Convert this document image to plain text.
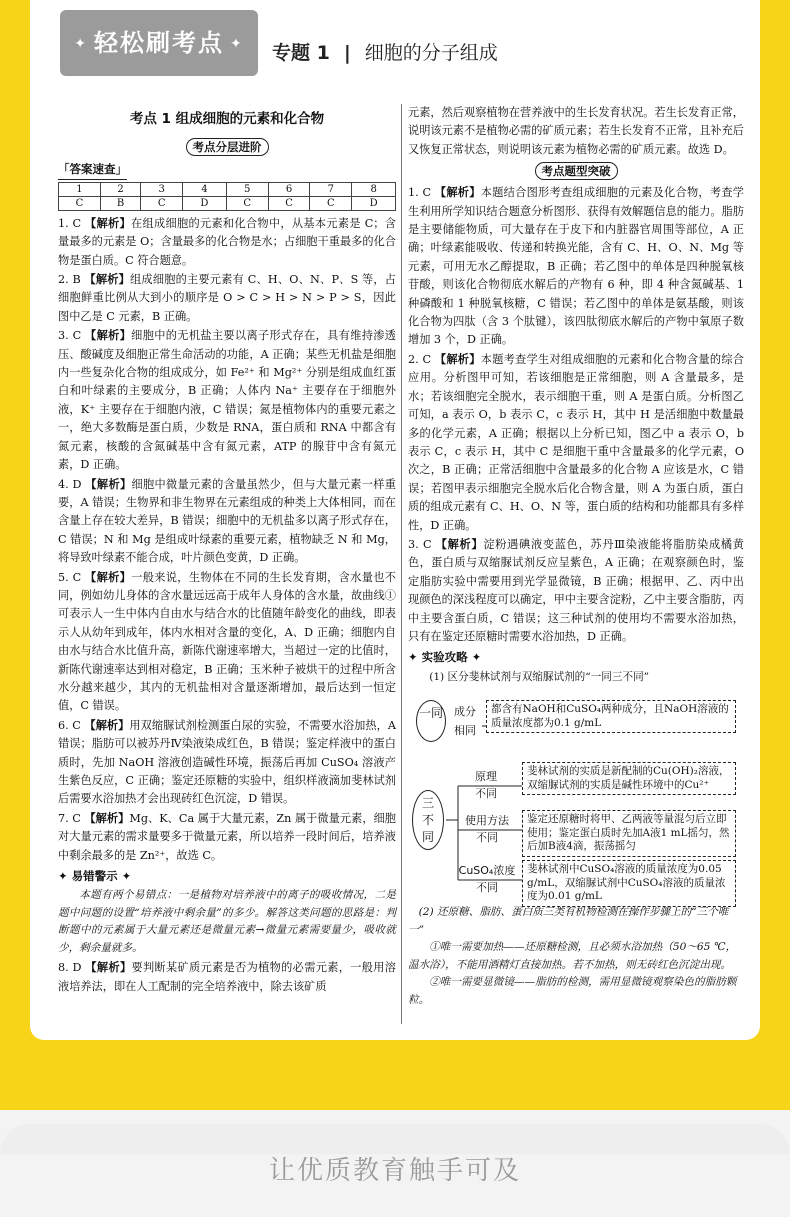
✦ 轻松刷考点 ✦	专题 1 | 细胞的分子组成
考点 1 组成细胞的元素和化合物
考点分层进阶
「答案速查」
1	2	3	4	5	6	7	8
C	B	C	D	C	C	C	D
1. C 【解析】在组成细胞的元素和化合物中，从基本元素是 C；含量最多的元素是 O；含量最多的化合物是水；占细胞干重最多的化合物是蛋白质。C 符合题意。
2. B 【解析】组成细胞的主要元素有 C、H、O、N、P、S 等，占细胞鲜重比例从大到小的顺序是 O > C > H > N > P > S，因此图中乙是 C 元素，B 正确。
3. C 【解析】细胞中的无机盐主要以离子形式存在，具有维持渗透压、酸碱度及细胞正常生命活动的功能，A 正确；某些无机盐是细胞内一些复杂化合物的组成成分，如 Fe²⁺ 和 Mg²⁺ 分别是组成血红蛋白和叶绿素的主要成分，B 正确；人体内 Na⁺ 主要存在于细胞外液，K⁺ 主要存在于细胞内液，C 错误；氮是植物体内的重要元素之一，绝大多数酶是蛋白质，少数是 RNA，蛋白质和 RNA 中都含有氮元素，核酸的含氮碱基中含有氮元素，ATP 的腺苷中含有氮元素，D 正确。
4. D 【解析】细胞中微量元素的含量虽然少，但与大量元素一样重要，A 错误；生物界和非生物界在元素组成的种类上大体相同，而在含量上存在较大差异，B 错误；细胞中的无机盐多以离子形式存在，C 错误；N 和 Mg 是组成叶绿素的重要元素，植物缺乏 N 和 Mg，将导致叶绿素不能合成，叶片颜色变黄，D 正确。
5. C 【解析】一般来说，生物体在不同的生长发育期，含水量也不同，例如幼儿身体的含水量远远高于成年人身体的含水量，故曲线①可表示人一生中体内自由水与结合水的比值随年龄变化的曲线，即表示人从幼年到成年，体内水相对含量的变化，A、D 正确；细胞内自由水与结合水比值升高，新陈代谢速率增大，当超过一定的比值时，新陈代谢速率达到相对稳定，B 正确；玉米种子被烘干的过程中所含水分越来越少，其内的无机盐相对含量逐渐增加，最后达到一恒定值，C 错误。
6. C 【解析】用双缩脲试剂检测蛋白尿的实验，不需要水浴加热，A 错误；脂肪可以被苏丹Ⅳ染液染成红色，B 错误；鉴定样液中的蛋白质时，先加 NaOH 溶液创造碱性环境，振荡后再加 CuSO₄ 溶液产生紫色反应，C 正确；鉴定还原糖的实验中，组织样液滴加斐林试剂后需要水浴加热才会出现砖红色沉淀，D 错误。
7. C 【解析】Mg、K、Ca 属于大量元素，Zn 属于微量元素，细胞对大量元素的需求量要多于微量元素，所以培养一段时间后，培养液中剩余最多的是 Zn²⁺，故选 C。
✦ 易错警示 ✦
本题有两个易错点：一是植物对培养液中的离子的吸收情况，二是题中问题的设置“培养液中剩余量”的多少。解答这类问题的思路是：判断题中的元素属于大量元素还是微量元素→微量元素需要量少，吸收就少，剩余量就多。
8. D 【解析】要判断某矿质元素是否为植物的必需元素，一般用溶液培养法，即在人工配制的完全培养液中，除去该矿质
元素，然后观察植物在营养液中的生长发育状况。若生长发育正常，说明该元素不是植物必需的矿质元素；若生长发育不正常，且补充后又恢复正常状态，则说明该元素为植物必需的矿质元素。故选 D。
考点题型突破
1. C 【解析】本题结合图形考查组成细胞的元素及化合物，考查学生利用所学知识结合题意分析图形、获得有效解题信息的能力。脂肪是主要储能物质，可大量存在于皮下和内脏器官周围等部位，A 正确；叶绿素能吸收、传递和转换光能，含有 C、H、O、N、Mg 等元素，可用无水乙醇提取，B 正确；若乙图中的单体是四种脱氧核苷酸，则该化合物彻底水解后的产物有 6 种，即 4 种含氮碱基、1 种磷酸和 1 种脱氧核糖，C 错误；若乙图中的单体是氨基酸，则该化合物为四肽（含 3 个肽键），该四肽彻底水解后的产物中氧原子数增加 3 个，D 正确。
2. C 【解析】本题考查学生对组成细胞的元素和化合物含量的综合应用。分析图甲可知，若该细胞是正常细胞，则 A 含量最多，是水；若该细胞完全脱水，表示细胞干重，则 A 是蛋白质。分析图乙可知，a 表示 O，b 表示 C，c 表示 H，其中 H 是活细胞中数量最多的化学元素，A 正确；根据以上分析已知，图乙中 a 表示 O，b 表示 C，c 表示 H，其中 C 是细胞干重中含量最多的化学元素，O 次之，B 正确；正常活细胞中含量最多的化合物 A 应该是水，C 错误；若图甲表示细胞完全脱水后化合物含量，则 A 为蛋白质，蛋白质的组成元素有 C、H、O、N 等，蛋白质的结构和功能都具有多样性，D 正确。
3. C 【解析】淀粉遇碘液变蓝色，苏丹Ⅲ染液能将脂肪染成橘黄色，蛋白质与双缩脲试剂反应呈紫色，A 正确；在观察颜色时，鉴定脂肪实验中需要用到光学显微镜，B 正确；根据甲、乙、丙中出现颜色的深浅程度可以确定，甲中主要含淀粉，乙中主要含脂肪，丙中主要含蛋白质，C 错误；这三种试剂的使用均不需要水浴加热，只有在鉴定还原糖时需要水浴加热，D 正确。
✦ 实验攻略 ✦
(1) 区分斐林试剂与双缩脲试剂的“一同三不同”
一同	成分
相同
都含有NaOH和CuSO₄两种成分，且NaOH溶液的质量浓度都为0.1 g/mL
三不同
原理
不同
斐林试剂的实质是新配制的Cu(OH)₂溶液，双缩脲试剂的实质是碱性环境中的Cu²⁺
使用方法
不同
鉴定还原糖时将甲、乙两液等量混匀后立即使用；鉴定蛋白质时先加A液1 mL摇匀，然后加B液4滴，振荡摇匀
CuSO₄浓度
不同
斐林试剂中CuSO₄溶液的质量浓度为0.05 g/mL，双缩脲试剂中CuSO₄溶液的质量浓度为0.01 g/mL
(2) 还原糖、脂肪、蛋白质三类有机物检测在操作步骤上的“三个唯一”
①唯一需要加热——还原糖检测，且必须水浴加热（50～65 ℃，温水浴），不能用酒精灯直接加热。若不加热，则无砖红色沉淀出现。
②唯一需要显微镜——脂肪的检测，需用显微镜观察染色的脂肪颗粒。
让优质教育触手可及
